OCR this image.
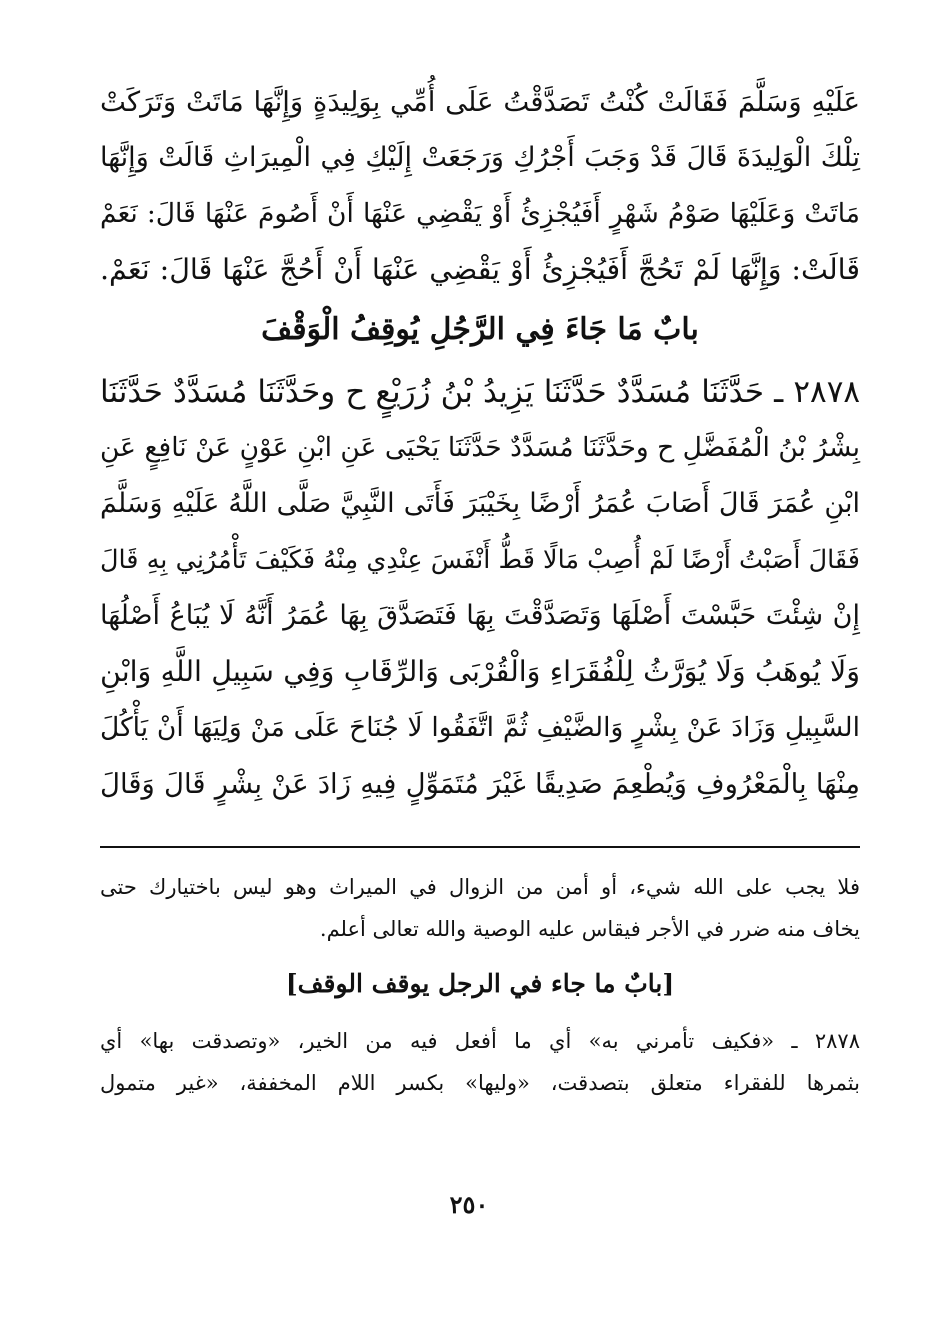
عَلَيْهِ وَسَلَّمَ فَقَالَتْ كُنْتُ تَصَدَّقْتُ عَلَى أُمِّي بِوَلِيدَةٍ وَإِنَّهَا مَاتَتْ وَتَرَكَتْ
تِلْكَ الْوَلِيدَةَ قَالَ قَدْ وَجَبَ أَجْرُكِ وَرَجَعَتْ إِلَيْكِ فِي الْمِيرَاثِ قَالَتْ وَإِنَّهَا
مَاتَتْ وَعَلَيْهَا صَوْمُ شَهْرٍ أَفَيُجْزِئُ أَوْ يَقْضِي عَنْهَا أَنْ أَصُومَ عَنْهَا قَالَ: نَعَمْ
قَالَتْ: وَإِنَّهَا لَمْ تَحُجَّ أَفَيُجْزِئُ أَوْ يَقْضِي عَنْهَا أَنْ أَحُجَّ عَنْهَا قَالَ: نَعَمْ.
بابٌ مَا جَاءَ فِي الرَّجُلِ يُوقِفُ الْوَقْفَ
٢٨٧٨ ـ حَدَّثَنَا مُسَدَّدٌ حَدَّثَنَا يَزِيدُ بْنُ زُرَيْعٍ ح وحَدَّثَنَا مُسَدَّدٌ حَدَّثَنَا
بِشْرُ بْنُ الْمُفَضَّلِ ح وحَدَّثَنَا مُسَدَّدٌ حَدَّثَنَا يَحْيَى عَنِ ابْنِ عَوْنٍ عَنْ نَافِعٍ عَنِ
ابْنِ عُمَرَ قَالَ أَصَابَ عُمَرُ أَرْضًا بِخَيْبَرَ فَأَتَى النَّبِيَّ صَلَّى اللَّهُ عَلَيْهِ وَسَلَّمَ
فَقَالَ أَصَبْتُ أَرْضًا لَمْ أُصِبْ مَالًا قَطُّ أَنْفَسَ عِنْدِي مِنْهُ فَكَيْفَ تَأْمُرُنِي بِهِ قَالَ
إِنْ شِئْتَ حَبَّسْتَ أَصْلَهَا وَتَصَدَّقْتَ بِهَا فَتَصَدَّقَ بِهَا عُمَرُ أَنَّهُ لَا يُبَاعُ أَصْلُهَا
وَلَا يُوهَبُ وَلَا يُوَرَّثُ لِلْفُقَرَاءِ وَالْقُرْبَى وَالرِّقَابِ وَفِي سَبِيلِ اللَّهِ وَابْنِ
السَّبِيلِ وَزَادَ عَنْ بِشْرٍ وَالضَّيْفِ ثُمَّ اتَّفَقُوا لَا جُنَاحَ عَلَى مَنْ وَلِيَهَا أَنْ يَأْكُلَ
مِنْهَا بِالْمَعْرُوفِ وَيُطْعِمَ صَدِيقًا غَيْرَ مُتَمَوِّلٍ فِيهِ زَادَ عَنْ بِشْرٍ قَالَ وَقَالَ
فلا يجب على الله شيء، أو أمن من الزوال في الميراث وهو ليس باختيارك حتى
يخاف منه ضرر في الأجر فيقاس عليه الوصية والله تعالى أعلم.
[بابٌ ما جاء في الرجل يوقف الوقف]
٢٨٧٨ ـ «فكيف تأمرني به» أي ما أفعل فيه من الخير، «وتصدقت بها» أي
بثمرها للفقراء متعلق بتصدقت، «وليها» بكسر اللام المخففة، «غير متمول
٢٥٠
